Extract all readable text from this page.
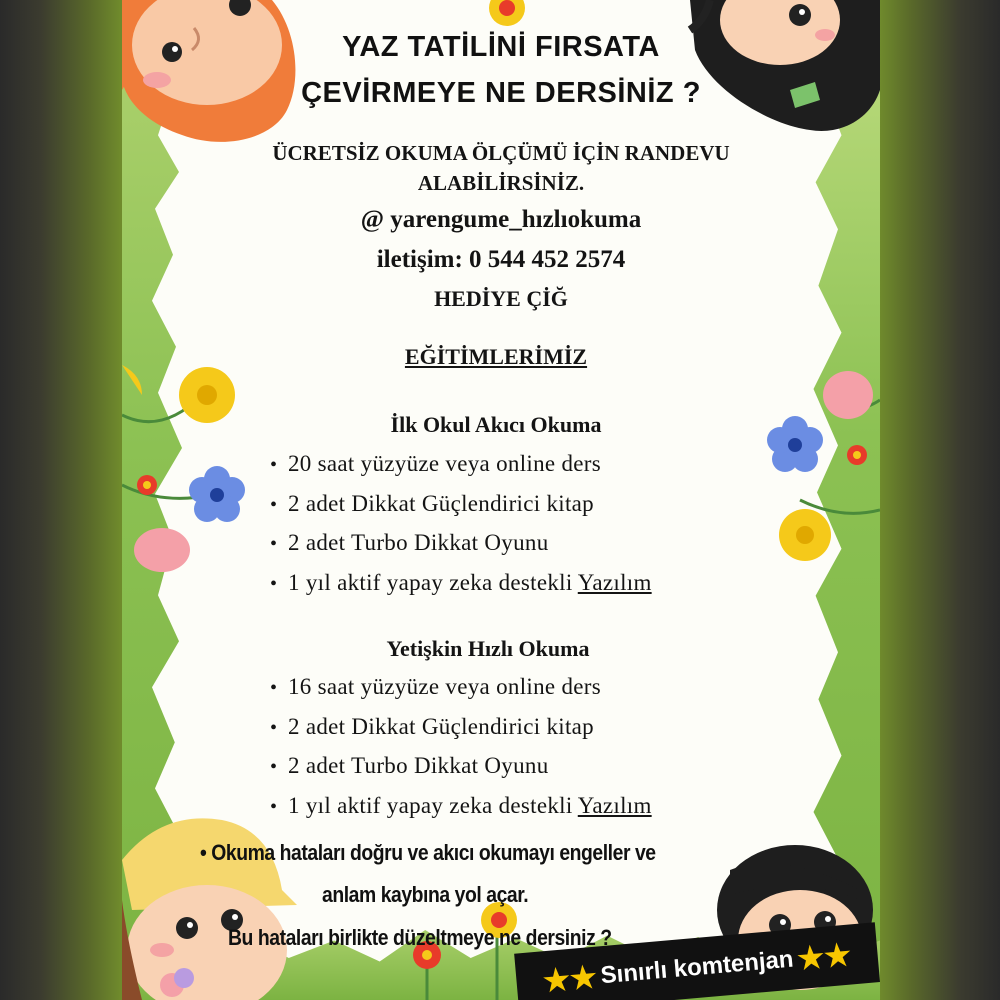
YAZ TATİLİNİ FIRSATA
ÇEVİRMEYE NE DERSİNİZ ?
ÜCRETSİZ OKUMA ÖLÇÜMÜ İÇİN RANDEVU
ALABİLİRSİNİZ.
@ yarengume_hızlıokuma
iletişim: 0 544 452 2574
HEDİYE ÇİĞ
EĞİTİMLERİMİZ
İlk Okul Akıcı Okuma
• 20 saat yüzyüze veya online ders
• 2 adet Dikkat Güçlendirici kitap
• 2 adet Turbo Dikkat Oyunu
• 1 yıl aktif yapay zeka destekli Yazılım
Yetişkin Hızlı Okuma
• 16 saat yüzyüze veya online ders
• 2 adet Dikkat Güçlendirici kitap
• 2 adet Turbo Dikkat Oyunu
• 1 yıl aktif yapay zeka destekli Yazılım
• Okuma hataları doğru ve akıcı okumayı engeller ve
anlam kaybına yol açar.
Bu hataları birlikte düzeltmeye ne dersiniz ?
★★ Sınırlı komtenjan ★★
